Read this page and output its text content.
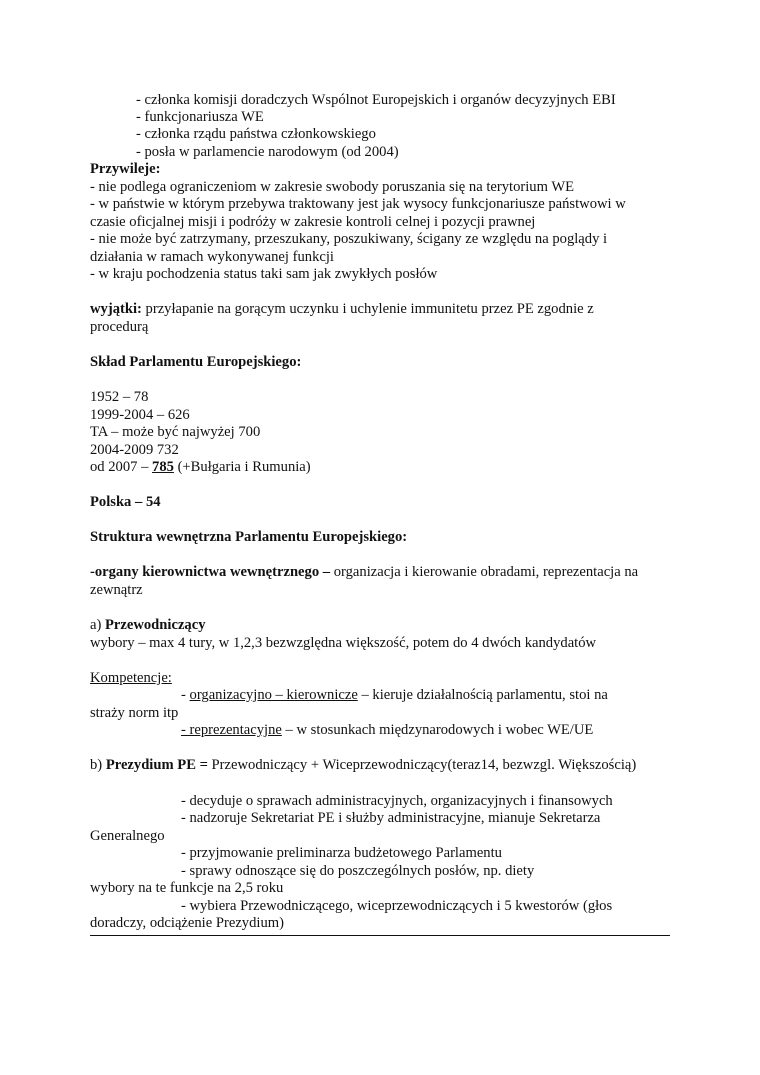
- członka komisji doradczych Wspólnot Europejskich i organów decyzyjnych EBI
- funkcjonariusza WE
- członka rządu państwa członkowskiego
- posła w parlamencie narodowym (od 2004)
Przywileje:
- nie podlega ograniczeniom w zakresie swobody poruszania się na terytorium WE
- w państwie w którym przebywa traktowany jest jak wysocy funkcjonariusze państwowi w
czasie oficjalnej misji i podróży w zakresie kontroli celnej i pozycji prawnej
- nie może być zatrzymany, przeszukany, poszukiwany, ścigany ze względu na poglądy i
działania w ramach wykonywanej funkcji
- w kraju pochodzenia status taki sam jak zwykłych posłów
wyjątki: przyłapanie na gorącym uczynku i uchylenie immunitetu przez PE zgodnie z
procedurą
Skład Parlamentu Europejskiego:
1952 – 78
1999-2004 – 626
TA – może być najwyżej 700
2004-2009 732
od 2007 – 785 (+Bułgaria i Rumunia)
Polska – 54
Struktura wewnętrzna Parlamentu Europejskiego:
-organy kierownictwa wewnętrznego – organizacja i kierowanie obradami, reprezentacja na
zewnątrz
a) Przewodniczący
wybory – max 4 tury, w 1,2,3 bezwzględna większość, potem do 4 dwóch kandydatów
Kompetencje:
- organizacyjno – kierownicze – kieruje działalnością parlamentu, stoi na
straży norm itp
- reprezentacyjne – w stosunkach międzynarodowych i wobec WE/UE
b) Prezydium PE = Przewodniczący + Wiceprzewodniczący(teraz14, bezwzgl. Większością)
- decyduje o sprawach administracyjnych, organizacyjnych i finansowych
- nadzoruje Sekretariat PE i służby administracyjne, mianuje Sekretarza
Generalnego
- przyjmowanie preliminarza budżetowego Parlamentu
- sprawy odnoszące się do poszczególnych posłów, np. diety
wybory na te funkcje na 2,5 roku
- wybiera Przewodniczącego, wiceprzewodniczących i 5 kwestorów (głos
doradczy, odciążenie Prezydium)
